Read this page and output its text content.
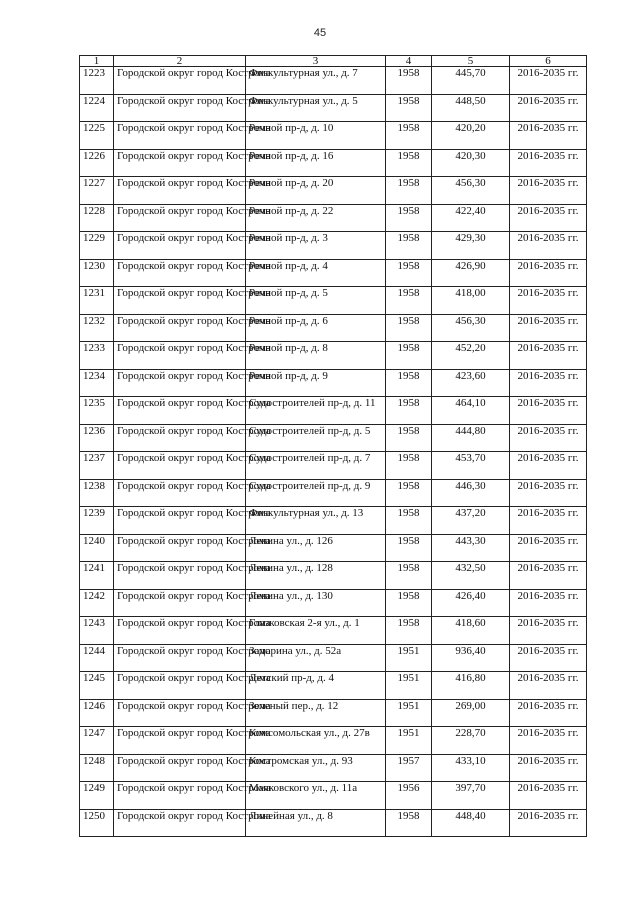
45
1	2	3	4	5	6
1223	Городской округ город Кострома	Физкультурная ул., д. 7	1958	445,70	2016-2035 гг.
1224	Городской округ город Кострома	Физкультурная ул., д. 5	1958	448,50	2016-2035 гг.
1225	Городской округ город Кострома	Речной пр-д, д. 10	1958	420,20	2016-2035 гг.
1226	Городской округ город Кострома	Речной пр-д, д. 16	1958	420,30	2016-2035 гг.
1227	Городской округ город Кострома	Речной пр-д, д. 20	1958	456,30	2016-2035 гг.
1228	Городской округ город Кострома	Речной пр-д, д. 22	1958	422,40	2016-2035 гг.
1229	Городской округ город Кострома	Речной пр-д, д. 3	1958	429,30	2016-2035 гг.
1230	Городской округ город Кострома	Речной пр-д, д. 4	1958	426,90	2016-2035 гг.
1231	Городской округ город Кострома	Речной пр-д, д. 5	1958	418,00	2016-2035 гг.
1232	Городской округ город Кострома	Речной пр-д, д. 6	1958	456,30	2016-2035 гг.
1233	Городской округ город Кострома	Речной пр-д, д. 8	1958	452,20	2016-2035 гг.
1234	Городской округ город Кострома	Речной пр-д, д. 9	1958	423,60	2016-2035 гг.
1235	Городской округ город Кострома	Судостроителей пр-д, д. 11	1958	464,10	2016-2035 гг.
1236	Городской округ город Кострома	Судостроителей пр-д, д. 5	1958	444,80	2016-2035 гг.
1237	Городской округ город Кострома	Судостроителей пр-д, д. 7	1958	453,70	2016-2035 гг.
1238	Городской округ город Кострома	Судостроителей пр-д, д. 9	1958	446,30	2016-2035 гг.
1239	Городской округ город Кострома	Физкультурная ул., д. 13	1958	437,20	2016-2035 гг.
1240	Городской округ город Кострома	Ленина ул., д. 126	1958	443,30	2016-2035 гг.
1241	Городской округ город Кострома	Ленина ул., д. 128	1958	432,50	2016-2035 гг.
1242	Городской округ город Кострома	Ленина ул., д. 130	1958	426,40	2016-2035 гг.
1243	Городской округ город Кострома	Глазковская 2-я ул., д. 1	1958	418,60	2016-2035 гг.
1244	Городской округ город Кострома	Задорина ул., д. 52а	1951	936,40	2016-2035 гг.
1245	Городской округ город Кострома	Детский пр-д, д. 4	1951	416,80	2016-2035 гг.
1246	Городской округ город Кострома	Зеленый пер., д. 12	1951	269,00	2016-2035 гг.
1247	Городской округ город Кострома	Комсомольская ул., д. 27в	1951	228,70	2016-2035 гг.
1248	Городской округ город Кострома	Костромская ул., д. 93	1957	433,10	2016-2035 гг.
1249	Городской округ город Кострома	Маяковского ул., д. 11а	1956	397,70	2016-2035 гг.
1250	Городской округ город Кострома	Линейная ул., д. 8	1958	448,40	2016-2035 гг.
